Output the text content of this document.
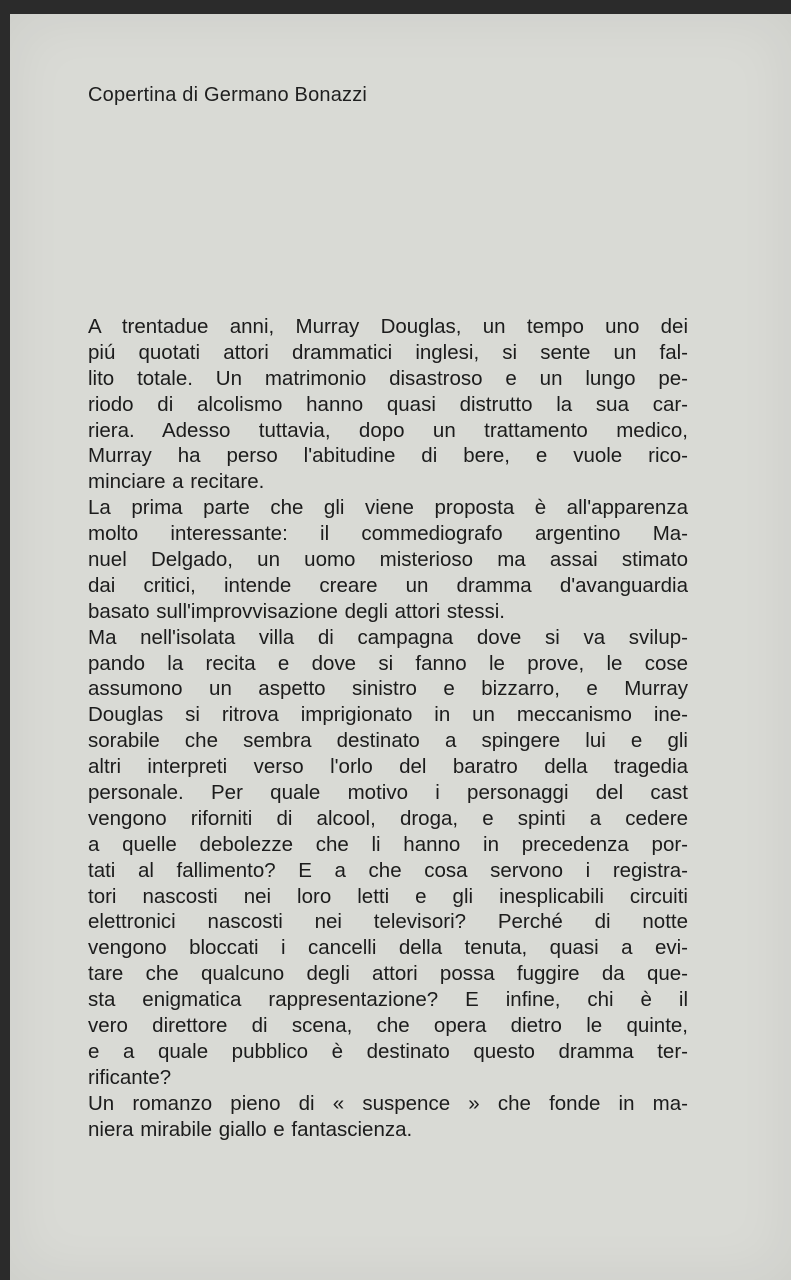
Copertina di Germano Bonazzi
A trentadue anni, Murray Douglas, un tempo uno dei
piú quotati attori drammatici inglesi, si sente un fal-
lito totale. Un matrimonio disastroso e un lungo pe-
riodo di alcolismo hanno quasi distrutto la sua car-
riera. Adesso tuttavia, dopo un trattamento medico,
Murray ha perso l'abitudine di bere, e vuole rico-
minciare a recitare.
La prima parte che gli viene proposta è all'apparenza
molto interessante: il commediografo argentino Ma-
nuel Delgado, un uomo misterioso ma assai stimato
dai critici, intende creare un dramma d'avanguardia
basato sull'improvvisazione degli attori stessi.
Ma nell'isolata villa di campagna dove si va svilup-
pando la recita e dove si fanno le prove, le cose
assumono un aspetto sinistro e bizzarro, e Murray
Douglas si ritrova imprigionato in un meccanismo ine-
sorabile che sembra destinato a spingere lui e gli
altri interpreti verso l'orlo del baratro della tragedia
personale. Per quale motivo i personaggi del cast
vengono riforniti di alcool, droga, e spinti a cedere
a quelle debolezze che li hanno in precedenza por-
tati al fallimento? E a che cosa servono i registra-
tori nascosti nei loro letti e gli inesplicabili circuiti
elettronici nascosti nei televisori? Perché di notte
vengono bloccati i cancelli della tenuta, quasi a evi-
tare che qualcuno degli attori possa fuggire da que-
sta enigmatica rappresentazione? E infine, chi è il
vero direttore di scena, che opera dietro le quinte,
e a quale pubblico è destinato questo dramma ter-
rificante?
Un romanzo pieno di « suspence » che fonde in ma-
niera mirabile giallo e fantascienza.
